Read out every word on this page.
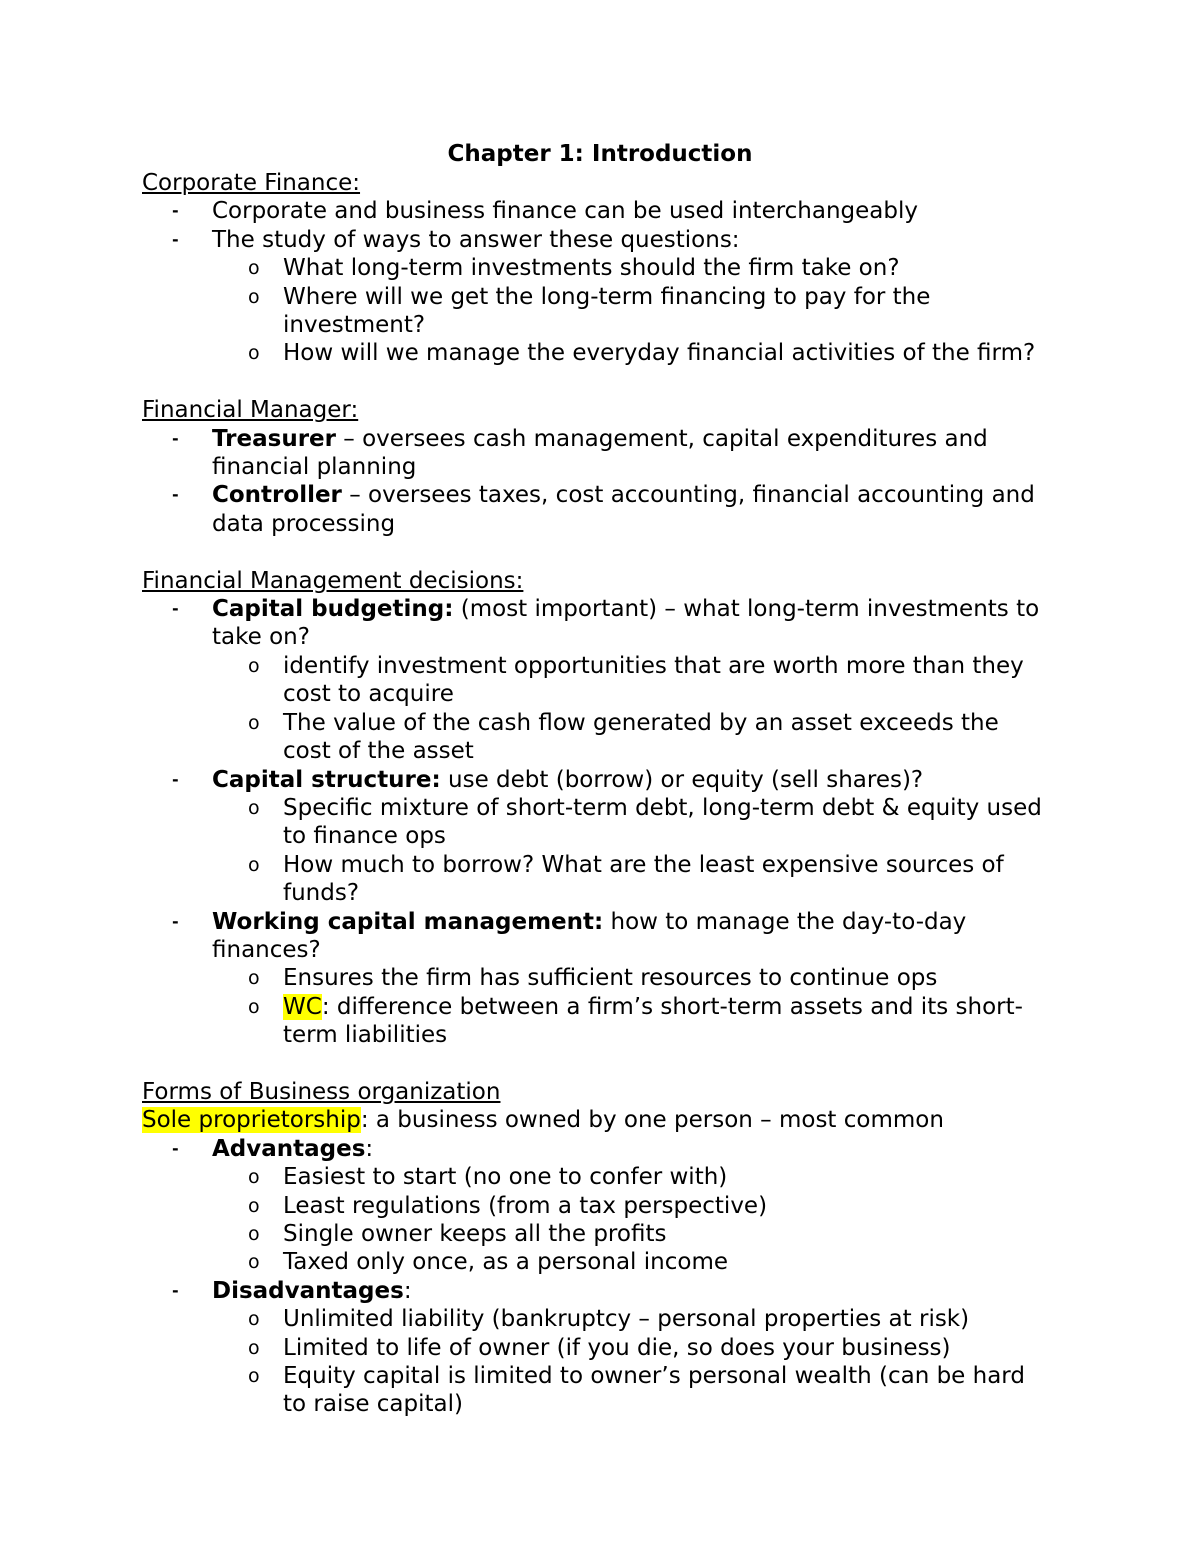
Chapter 1: Introduction
Corporate Finance:
- Corporate and business finance can be used interchangeably
- The study of ways to answer these questions:
o What long-term investments should the firm take on?
o Where will we get the long-term financing to pay for the
investment?
o How will we manage the everyday financial activities of the firm?
Financial Manager:
- Treasurer – oversees cash management, capital expenditures and
financial planning
- Controller – oversees taxes, cost accounting, financial accounting and
data processing
Financial Management decisions:
- Capital budgeting: (most important) – what long-term investments to
take on?
o identify investment opportunities that are worth more than they
cost to acquire
o The value of the cash flow generated by an asset exceeds the
cost of the asset
- Capital structure: use debt (borrow) or equity (sell shares)?
o Specific mixture of short-term debt, long-term debt & equity used
to finance ops
o How much to borrow? What are the least expensive sources of
funds?
- Working capital management: how to manage the day-to-day
finances?
o Ensures the firm has sufficient resources to continue ops
o WC: difference between a firm’s short-term assets and its short-
term liabilities
Forms of Business organization
Sole proprietorship: a business owned by one person – most common
- Advantages:
o Easiest to start (no one to confer with)
o Least regulations (from a tax perspective)
o Single owner keeps all the profits
o Taxed only once, as a personal income
- Disadvantages:
o Unlimited liability (bankruptcy – personal properties at risk)
o Limited to life of owner (if you die, so does your business)
o Equity capital is limited to owner’s personal wealth (can be hard
to raise capital)
